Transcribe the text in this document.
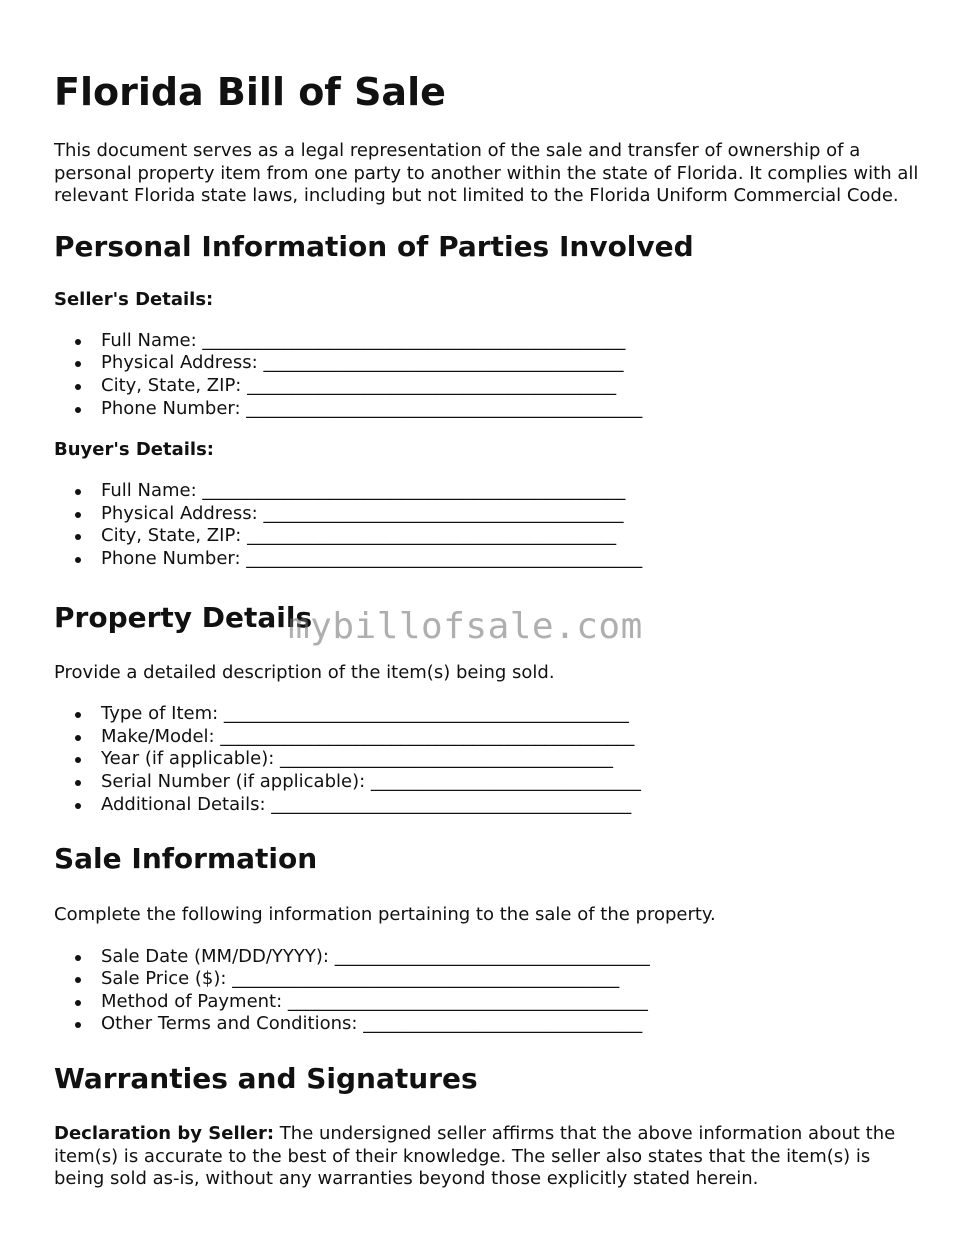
Florida Bill of Sale

This document serves as a legal representation of the sale and transfer of ownership of a personal property item from one party to another within the state of Florida. It complies with all relevant Florida state laws, including but not limited to the Florida Uniform Commercial Code.

Personal Information of Parties Involved
Seller's Details:
Full Name: _______________________________________________
Physical Address: ________________________________________
City, State, ZIP: _________________________________________
Phone Number: ____________________________________________
Buyer's Details:
Full Name: _______________________________________________
Physical Address: ________________________________________
City, State, ZIP: _________________________________________
Phone Number: ____________________________________________
Property Details

Provide a detailed description of the item(s) being sold.

Type of Item: _____________________________________________
Make/Model: ______________________________________________
Year (if applicable): _____________________________________
Serial Number (if applicable): ______________________________
Additional Details: ________________________________________
Sale Information

Complete the following information pertaining to the sale of the property.

Sale Date (MM/DD/YYYY): ___________________________________
Sale Price ($): ___________________________________________
Method of Payment: ________________________________________
Other Terms and Conditions: _______________________________
Warranties and Signatures

Declaration by Seller: The undersigned seller affirms that the above information about the item(s) is accurate to the best of their knowledge. The seller also states that the item(s) is being sold as-is, without any warranties beyond those explicitly stated herein.

mybillofsale.com
